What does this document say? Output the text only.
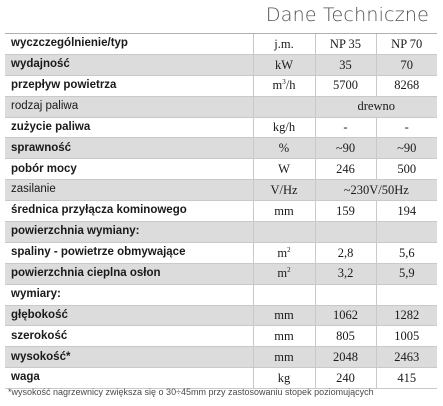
Dane Techniczne
wyczczególnienie/typ	j.m.	NP 35	NP 70
wydajność	kW	35	70
przepływ powietrza	$m^3/h$	5700	8268
rodzaj paliwa		drewno	
zużycie paliwa	kg/h	-	-
sprawność	%	~90	~90
pobór mocy	W	246	500
zasilanie	V/Hz	~230V/50Hz	
średnica przyłącza kominowego	mm	159	194
powierzchnia wymiany:			
spaliny - powietrze obmywające	$m^2$	2,8	5,6
powierzchnia cieplna osłon	$m^2$	3,2	5,9
wymiary:			
głębokość	mm	1062	1282
szerokość	mm	805	1005
wysokość*	mm	2048	2463
waga	kg	240	415
*wysokość nagrzewnicy zwiększa się o 30÷45mm przy zastosowaniu stopek poziomujących
